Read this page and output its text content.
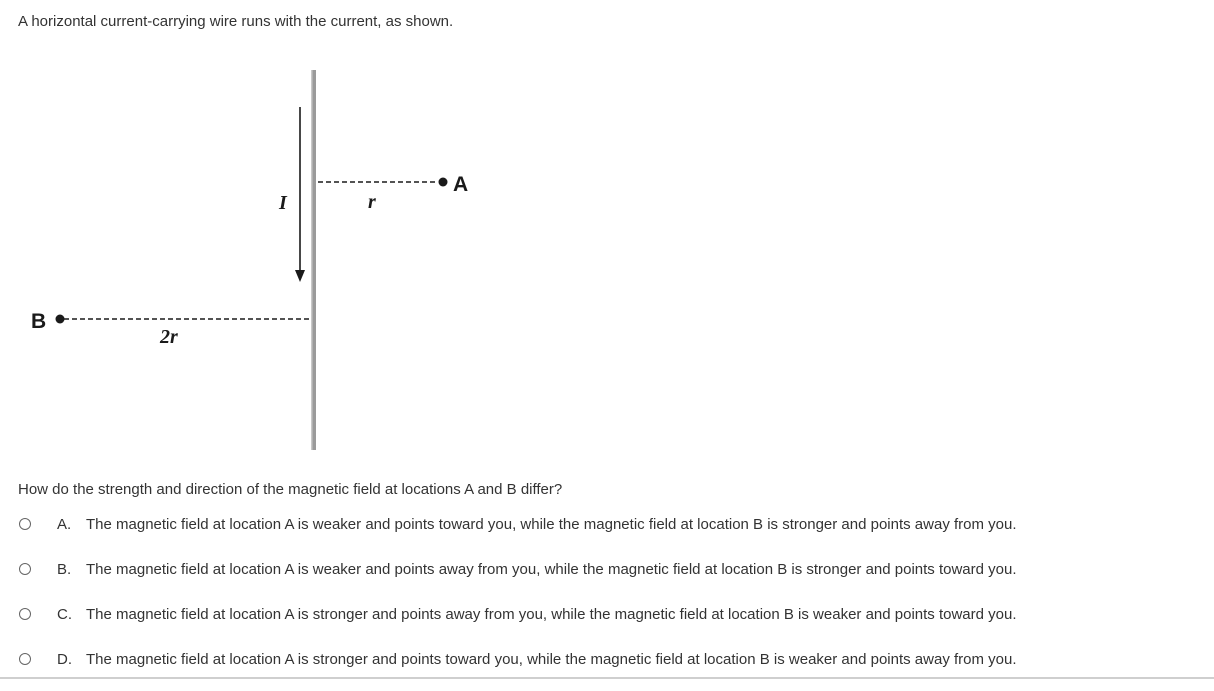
A horizontal current-carrying wire runs with the current, as shown.
I
A
r
B
2r
How do the strength and direction of the magnetic field at locations A and B differ?
A. The magnetic field at location A is weaker and points toward you, while the magnetic field at location B is stronger and points away from you.
B. The magnetic field at location A is weaker and points away from you, while the magnetic field at location B is stronger and points toward you.
C. The magnetic field at location A is stronger and points away from you, while the magnetic field at location B is weaker and points toward you.
D. The magnetic field at location A is stronger and points toward you, while the magnetic field at location B is weaker and points away from you.
